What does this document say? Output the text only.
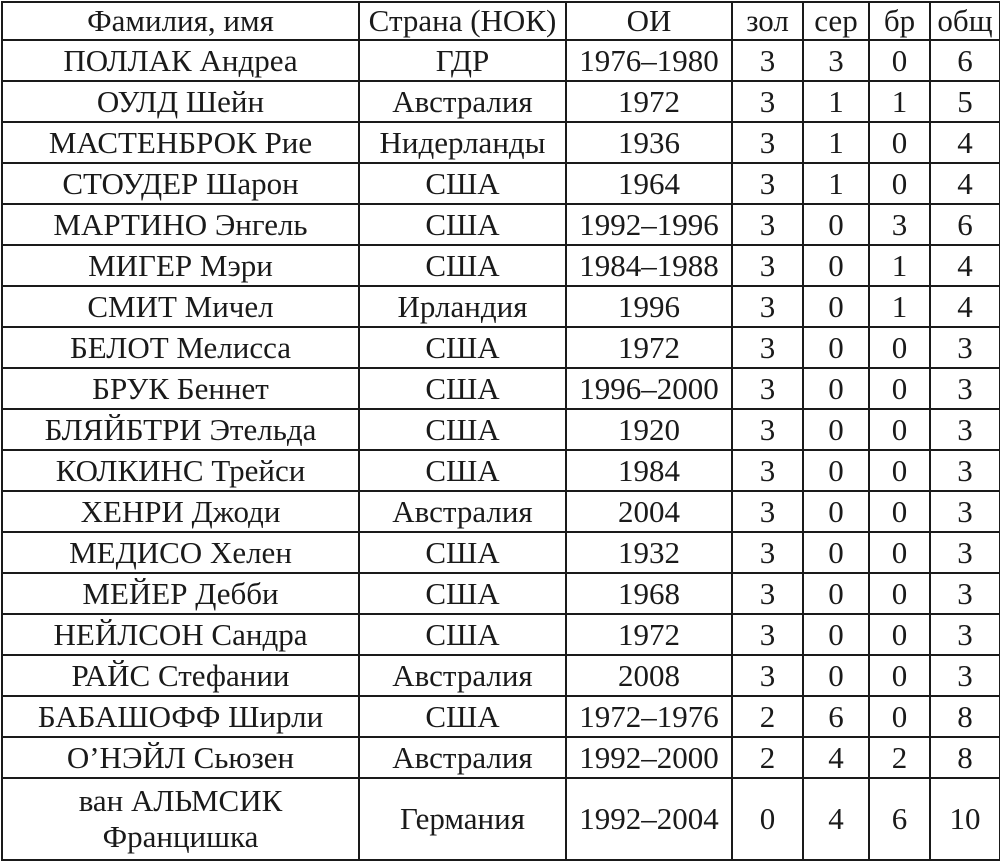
Фамилия, имя	Страна (НОК)	ОИ	зол	сер	бр	общ
ПОЛЛАК Андреа	ГДР	1976–1980	3	3	0	6
ОУЛД Шейн	Австралия	1972	3	1	1	5
МАСТЕНБРОК Рие	Нидерланды	1936	3	1	0	4
СТОУДЕР Шарон	США	1964	3	1	0	4
МАРТИНО Энгель	США	1992–1996	3	0	3	6
МИГЕР Мэри	США	1984–1988	3	0	1	4
СМИТ Мичел	Ирландия	1996	3	0	1	4
БЕЛОТ Мелисса	США	1972	3	0	0	3
БРУК Беннет	США	1996–2000	3	0	0	3
БЛЯЙБТРИ Этельда	США	1920	3	0	0	3
КОЛКИНС Трейси	США	1984	3	0	0	3
ХЕНРИ Джоди	Австралия	2004	3	0	0	3
МЕДИСО Хелен	США	1932	3	0	0	3
МЕЙЕР Дебби	США	1968	3	0	0	3
НЕЙЛСОН Сандра	США	1972	3	0	0	3
РАЙС Стефании	Австралия	2008	3	0	0	3
БАБАШОФФ Ширли	США	1972–1976	2	6	0	8
О’НЭЙЛ Сьюзен	Австралия	1992–2000	2	4	2	8
ван АЛЬМСИК Францишка	Германия	1992–2004	0	4	6	10
